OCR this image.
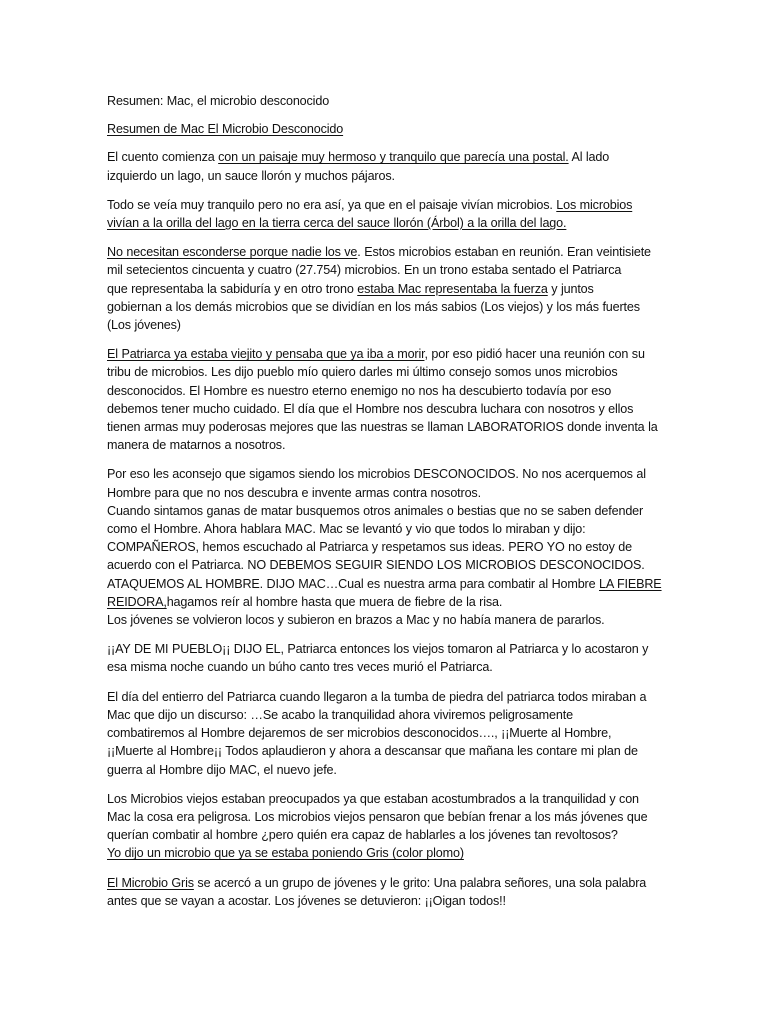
Resumen: Mac, el microbio desconocido

Resumen de Mac El Microbio Desconocido

El cuento comienza con un paisaje muy hermoso y tranquilo que parecía una postal. Al lado

izquierdo un lago, un sauce llorón y muchos pájaros.

Todo se veía muy tranquilo pero no era así, ya que en el paisaje vivían microbios. Los microbios

vivían a la orilla del lago en la tierra cerca del sauce llorón (Árbol) a la orilla del lago.

No necesitan esconderse porque nadie los ve. Estos microbios estaban en reunión. Eran veintisiete

mil setecientos cincuenta y cuatro (27.754) microbios. En un trono estaba sentado el Patriarca

que representaba la sabiduría y en otro trono estaba Mac representaba la fuerza y juntos

gobiernan a los demás microbios que se dividían en los más sabios (Los viejos) y los más fuertes

(Los jóvenes)

El Patriarca ya estaba viejito y pensaba que ya iba a morir, por eso pidió hacer una reunión con su

tribu de microbios. Les dijo pueblo mío quiero darles mi último consejo somos unos microbios

desconocidos. El Hombre es nuestro eterno enemigo no nos ha descubierto todavía por eso

debemos tener mucho cuidado. El día que el Hombre nos descubra luchara con nosotros y ellos

tienen armas muy poderosas mejores que las nuestras se llaman LABORATORIOS donde inventa la

manera de matarnos a nosotros.

Por eso les aconsejo que sigamos siendo los microbios DESCONOCIDOS. No nos acerquemos al

Hombre para que no nos descubra e invente armas contra nosotros.

Cuando sintamos ganas de matar busquemos otros animales o bestias que no se saben defender

como el Hombre. Ahora hablara MAC. Mac se levantó y vio que todos lo miraban y dijo:

COMPAÑEROS, hemos escuchado al Patriarca y respetamos sus ideas. PERO YO no estoy de

acuerdo con el Patriarca. NO DEBEMOS SEGUIR SIENDO LOS MICROBIOS DESCONOCIDOS.

ATAQUEMOS AL HOMBRE. DIJO MAC…Cual es nuestra arma para combatir al Hombre LA FIEBRE

REIDORA,hagamos reír al hombre hasta que muera de fiebre de la risa.

Los jóvenes se volvieron locos y subieron en brazos a Mac y no había manera de pararlos.

¡¡AY DE MI PUEBLO¡¡ DIJO EL, Patriarca entonces los viejos tomaron al Patriarca y lo acostaron y

esa misma noche cuando un búho canto tres veces murió el Patriarca.

El día del entierro del Patriarca cuando llegaron a la tumba de piedra del patriarca todos miraban a

Mac que dijo un discurso: …Se acabo la tranquilidad ahora viviremos peligrosamente

combatiremos al Hombre dejaremos de ser microbios desconocidos…., ¡¡Muerte al Hombre,

¡¡Muerte al Hombre¡¡ Todos aplaudieron y ahora a descansar que mañana les contare mi plan de

guerra al Hombre dijo MAC, el nuevo jefe.

Los Microbios viejos estaban preocupados ya que estaban acostumbrados a la tranquilidad y con

Mac la cosa era peligrosa. Los microbios viejos pensaron que bebían frenar a los más jóvenes que

querían combatir al hombre ¿pero quién era capaz de hablarles a los jóvenes tan revoltosos?

Yo dijo un microbio que ya se estaba poniendo Gris (color plomo)

El Microbio Gris se acercó a un grupo de jóvenes y le grito: Una palabra señores, una sola palabra

antes que se vayan a acostar. Los jóvenes se detuvieron: ¡¡Oigan todos!!
